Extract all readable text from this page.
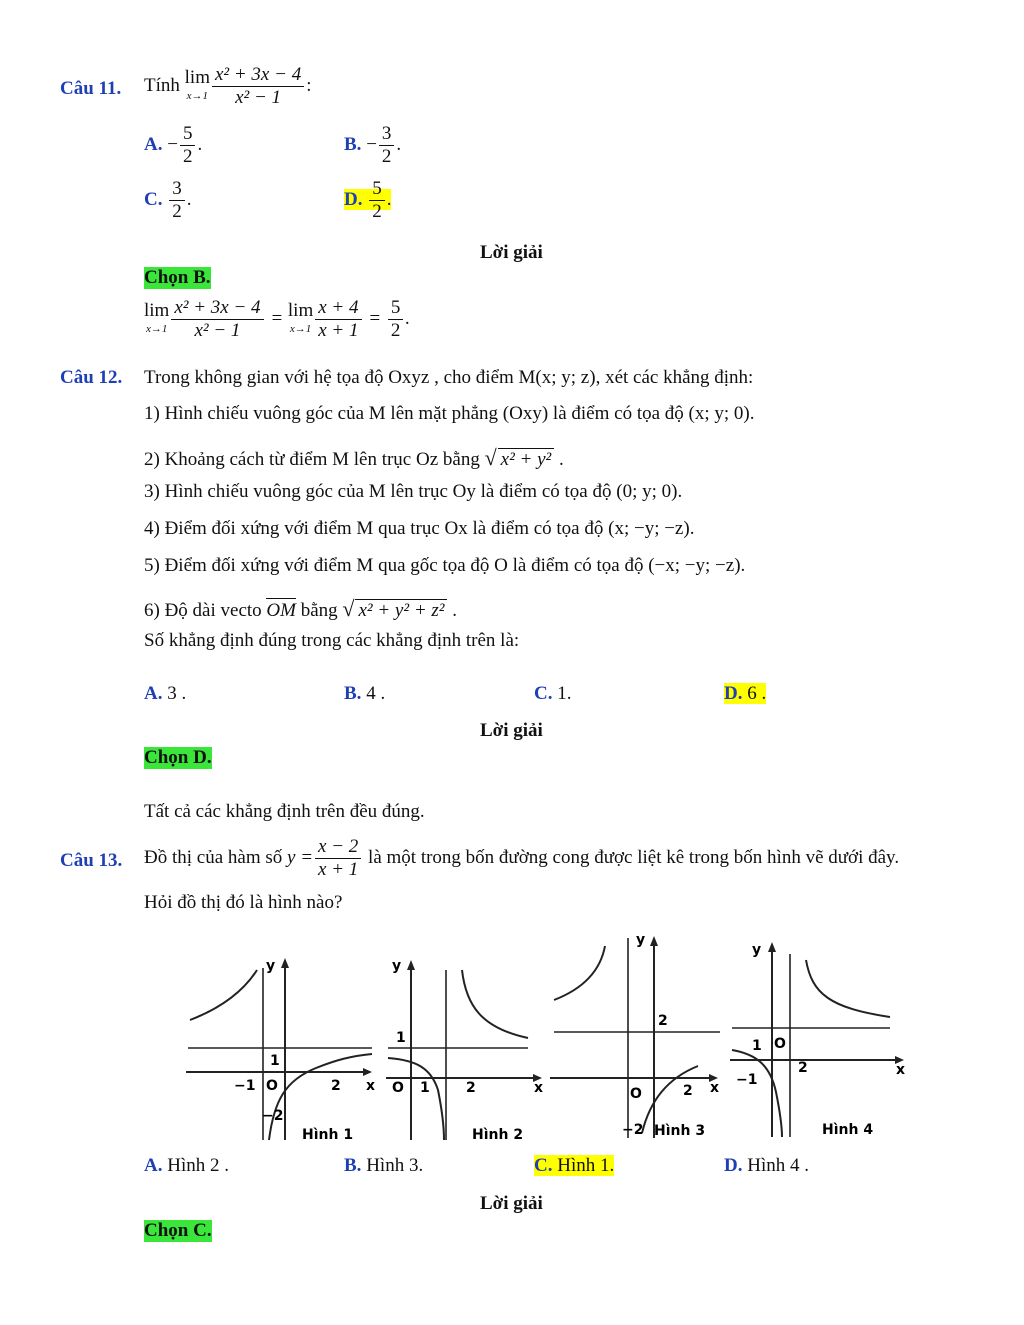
Câu 11. Tính lim
$x\to 1 \frac{\text{x² + 3x − 4}}{\text{x² − 1}}$ :
A. − $\frac{5}{2}$ .	B. − $\frac{3}{2}$ .
C. $\frac{3}{2}$ .	D. $\frac{5}{2}$ .
Lời giải
Chọn B.
lim
$x\to 1 \frac{\text{x² + 3x − 4}}{\text{x² − 1}} = \lim$
$x\to 1 \frac{x + 4}{x + 1} = \frac{5}{2}$ .
Câu 12. Trong không gian với hệ tọa độ Oxyz , cho điểm M(x; y; z), xét các khẳng định:
1) Hình chiếu vuông góc của M lên mặt phẳng (Oxy) là điểm có tọa độ (x; y; 0).
2) Khoảng cách từ điểm M lên trục Oz bằng √ x² + y² .
3) Hình chiếu vuông góc của M lên trục Oy là điểm có tọa độ (0; y; 0).
4) Điểm đối xứng với điểm M qua trục Ox là điểm có tọa độ (x; −y; −z).
5) Điểm đối xứng với điểm M qua gốc tọa độ O là điểm có tọa độ (−x; −y; −z).
6) Độ dài vecto OM bằng √ x² + y² + z² .
Số khẳng định đúng trong các khẳng định trên là:
A. 3 .	B. 4 .	C. 1.	D. 6 .
Lời giải
Chọn D.
Tất cả các khẳng định trên đều đúng.
Câu 13. Đồ thị của hàm số $y = \frac{x - 2}{x + 1}$ là một trong bốn đường cong được liệt kê trong bốn hình vẽ dưới đây.
Hỏi đồ thị đó là hình nào?
y
x
−1 O	2
1
−2
Hình 1
y
x
O 1	2
1
Hình 2
y
x
2
O	2
−2 Hình 3
y
x
1 O
−1
2
Hình 4
A. Hình 2 .	B. Hình 3.	C. Hình 1.	D. Hình 4 .
Lời giải
Chọn C.
